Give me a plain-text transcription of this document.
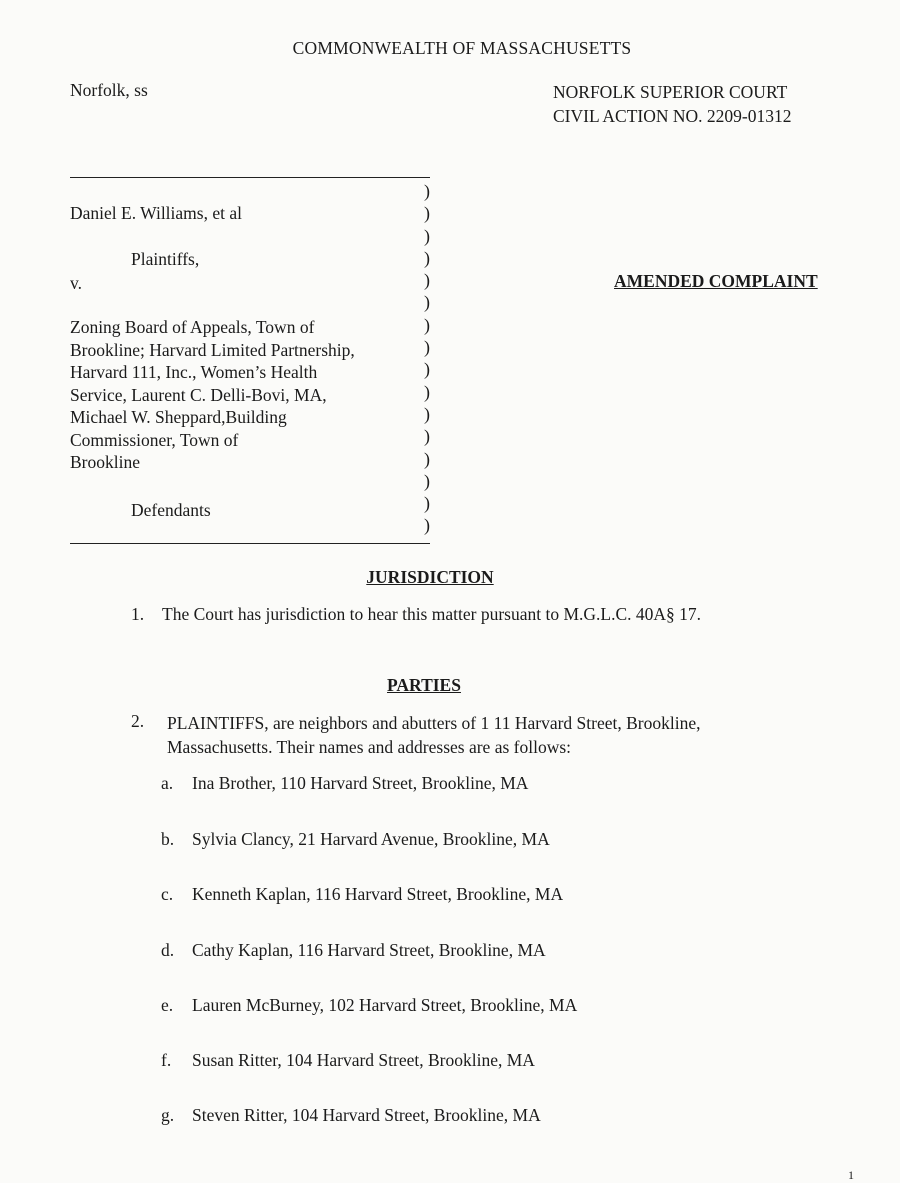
COMMONWEALTH OF MASSACHUSETTS
Norfolk, ss	NORFOLK SUPERIOR COURT
CIVIL ACTION NO. 2209-01312
)
)
)
)
)
)
)
)
)
)
)
)
)
)
)
)
Daniel E. Williams, et al
Plaintiffs,
v.
Zoning Board of Appeals, Town of
Brookline; Harvard Limited Partnership,
Harvard 111, Inc., Women’s Health
Service, Laurent C. Delli-Bovi, MA,
Michael W. Sheppard,Building
Commissioner, Town of
Brookline
Defendants
AMENDED COMPLAINT
JURISDICTION
1. The Court has jurisdiction to hear this matter pursuant to M.G.L.C. 40A§ 17.
PARTIES
2. PLAINTIFFS, are neighbors and abutters of 1 11 Harvard Street, Brookline,
Massachusetts. Their names and addresses are as follows:
a. Ina Brother, 110 Harvard Street, Brookline, MA
b. Sylvia Clancy, 21 Harvard Avenue, Brookline, MA
c. Kenneth Kaplan, 116 Harvard Street, Brookline, MA
d. Cathy Kaplan, 116 Harvard Street, Brookline, MA
e. Lauren McBurney, 102 Harvard Street, Brookline, MA
f. Susan Ritter, 104 Harvard Street, Brookline, MA
g. Steven Ritter, 104 Harvard Street, Brookline, MA
1
